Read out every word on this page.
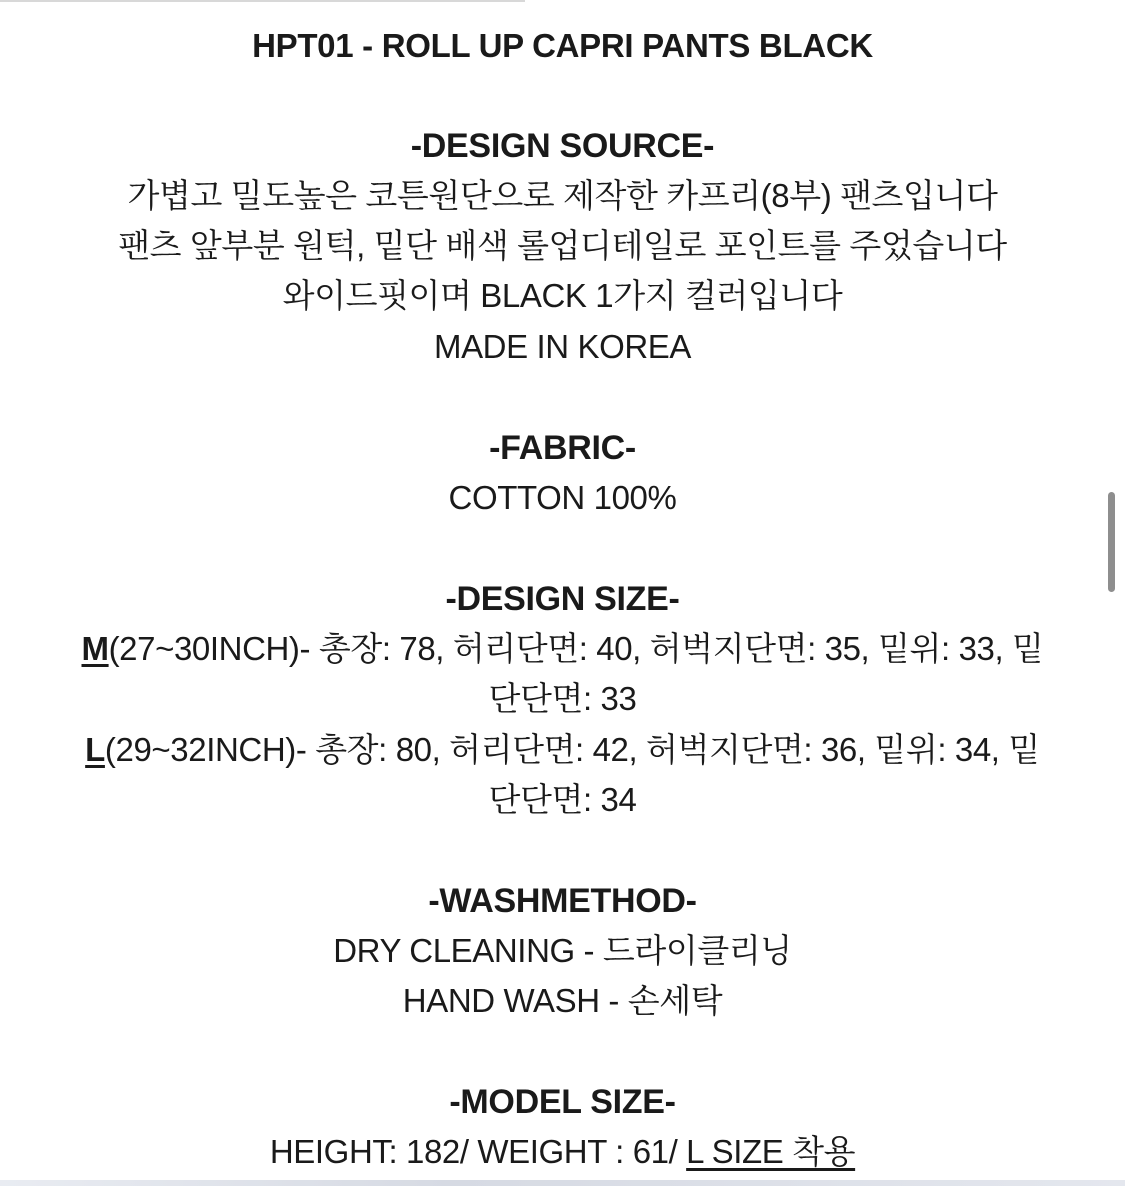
HPT01 - ROLL UP CAPRI PANTS BLACK
-DESIGN SOURCE-
가볍고 밀도높은 코튼원단으로 제작한 카프리(8부) 팬츠입니다
팬츠 앞부분 원턱, 밑단 배색 롤업디테일로 포인트를 주었습니다
와이드핏이며 BLACK 1가지 컬러입니다
MADE IN KOREA
-FABRIC-
COTTON 100%
-DESIGN SIZE-
M(27~30INCH)- 총장: 78, 허리단면: 40, 허벅지단면: 35, 밑위: 33, 밑
단단면: 33
L(29~32INCH)- 총장: 80, 허리단면: 42, 허벅지단면: 36, 밑위: 34, 밑
단단면: 34
-WASHMETHOD-
DRY CLEANING - 드라이클리닝
HAND WASH - 손세탁
-MODEL SIZE-
HEIGHT: 182/ WEIGHT : 61/ L SIZE 착용
